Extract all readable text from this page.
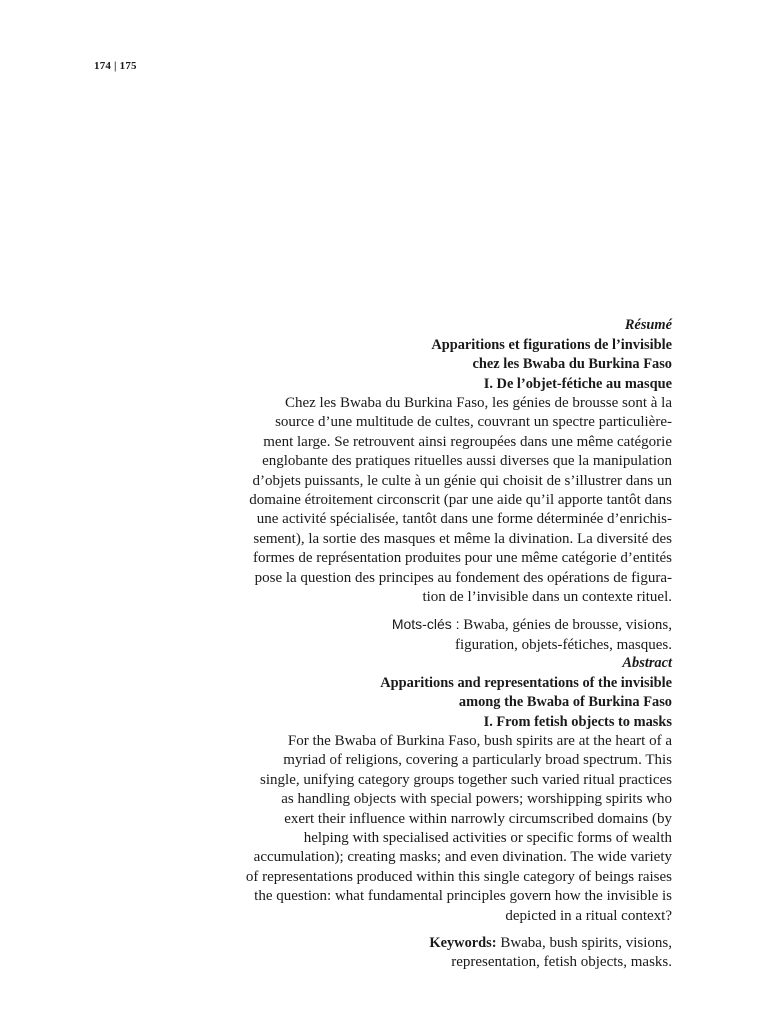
174 | 175
Résumé
Apparitions et figurations de l’invisible
chez les Bwaba du Burkina Faso
I. De l’objet-fétiche au masque

Chez les Bwaba du Burkina Faso, les génies de brousse sont à la
source d’une multitude de cultes, couvrant un spectre particulière-
ment large. Se retrouvent ainsi regroupées dans une même catégorie
englobante des pratiques rituelles aussi diverses que la manipulation
d’objets puissants, le culte à un génie qui choisit de s’illustrer dans un
domaine étroitement circonscrit (par une aide qu’il apporte tantôt dans
une activité spécialisée, tantôt dans une forme déterminée d’enrichis-
sement), la sortie des masques et même la divination. La diversité des
formes de représentation produites pour une même catégorie d’entités
pose la question des principes au fondement des opérations de figura-
tion de l’invisible dans un contexte rituel.

Mots-clés : Bwaba, génies de brousse, visions,
figuration, objets-fétiches, masques.
Abstract
Apparitions and representations of the invisible
among the Bwaba of Burkina Faso
I. From fetish objects to masks

For the Bwaba of Burkina Faso, bush spirits are at the heart of a
myriad of religions, covering a particularly broad spectrum. This
single, unifying category groups together such varied ritual practices
as handling objects with special powers; worshipping spirits who
exert their influence within narrowly circumscribed domains (by
helping with specialised activities or specific forms of wealth
accumulation); creating masks; and even divination. The wide variety
of representations produced within this single category of beings raises
the question: what fundamental principles govern how the invisible is
depicted in a ritual context?

Keywords: Bwaba, bush spirits, visions,
representation, fetish objects, masks.
